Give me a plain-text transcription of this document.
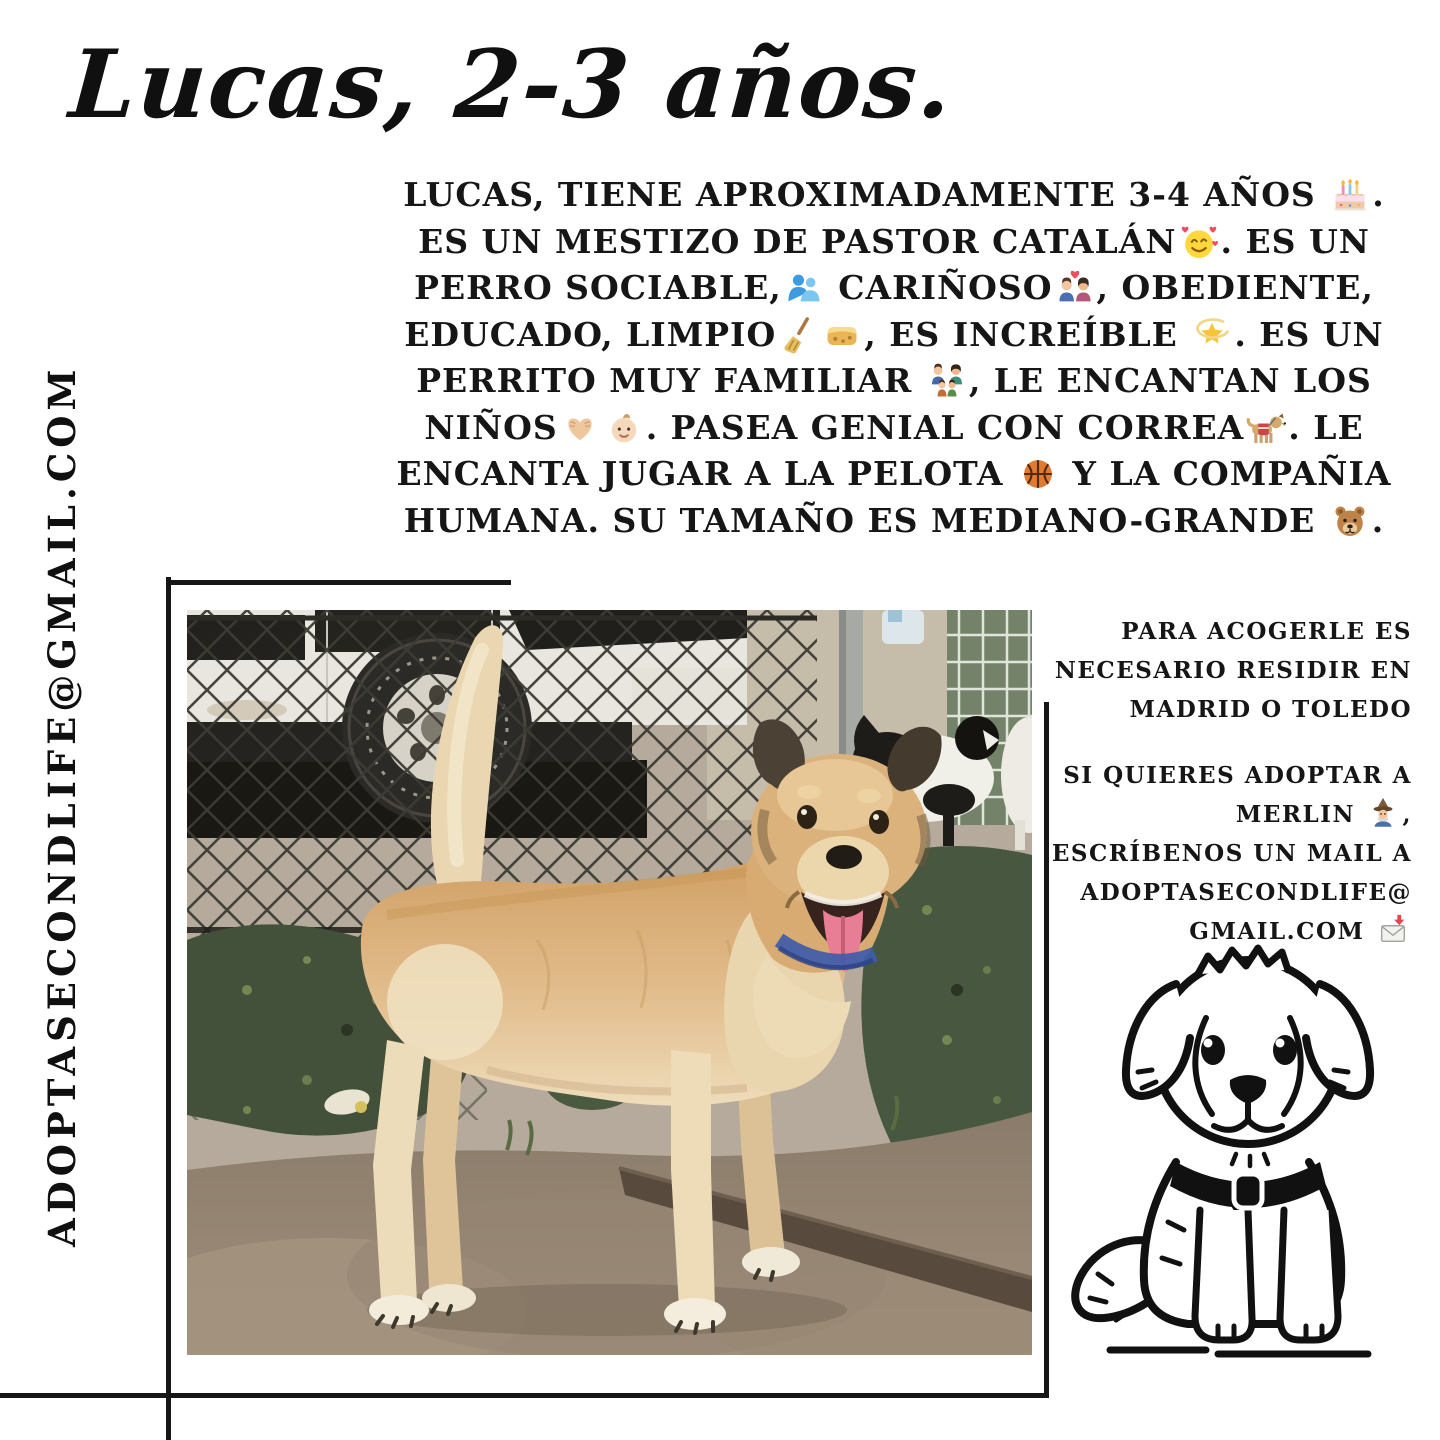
Lucas, 2-3 años.
ADOPTASECONDLIFE@GMAIL.COM
LUCAS, TIENE APROXIMADAMENTE 3-4 AÑOS .
ES UN MESTIZO DE PASTOR CATALÁN . ES UN
PERRO SOCIABLE, CARIÑOSO , OBEDIENTE,
EDUCADO, LIMPIO	, ES INCREÍBLE . ES UN
PERRITO MUY FAMILIAR , LE ENCANTAN LOS
NIÑOS	. PASEA GENIAL CON CORREA . LE
ENCANTA JUGAR A LA PELOTA  Y LA COMPAÑIA
HUMANA. SU TAMAÑO ES MEDIANO-GRANDE .
PARA ACOGERLE ES
NECESARIO RESIDIR EN
MADRID O TOLEDO
SI QUIERES ADOPTAR A
MERLIN ,
ESCRÍBENOS UN MAIL A
ADOPTASECONDLIFE@
GMAIL.COM
